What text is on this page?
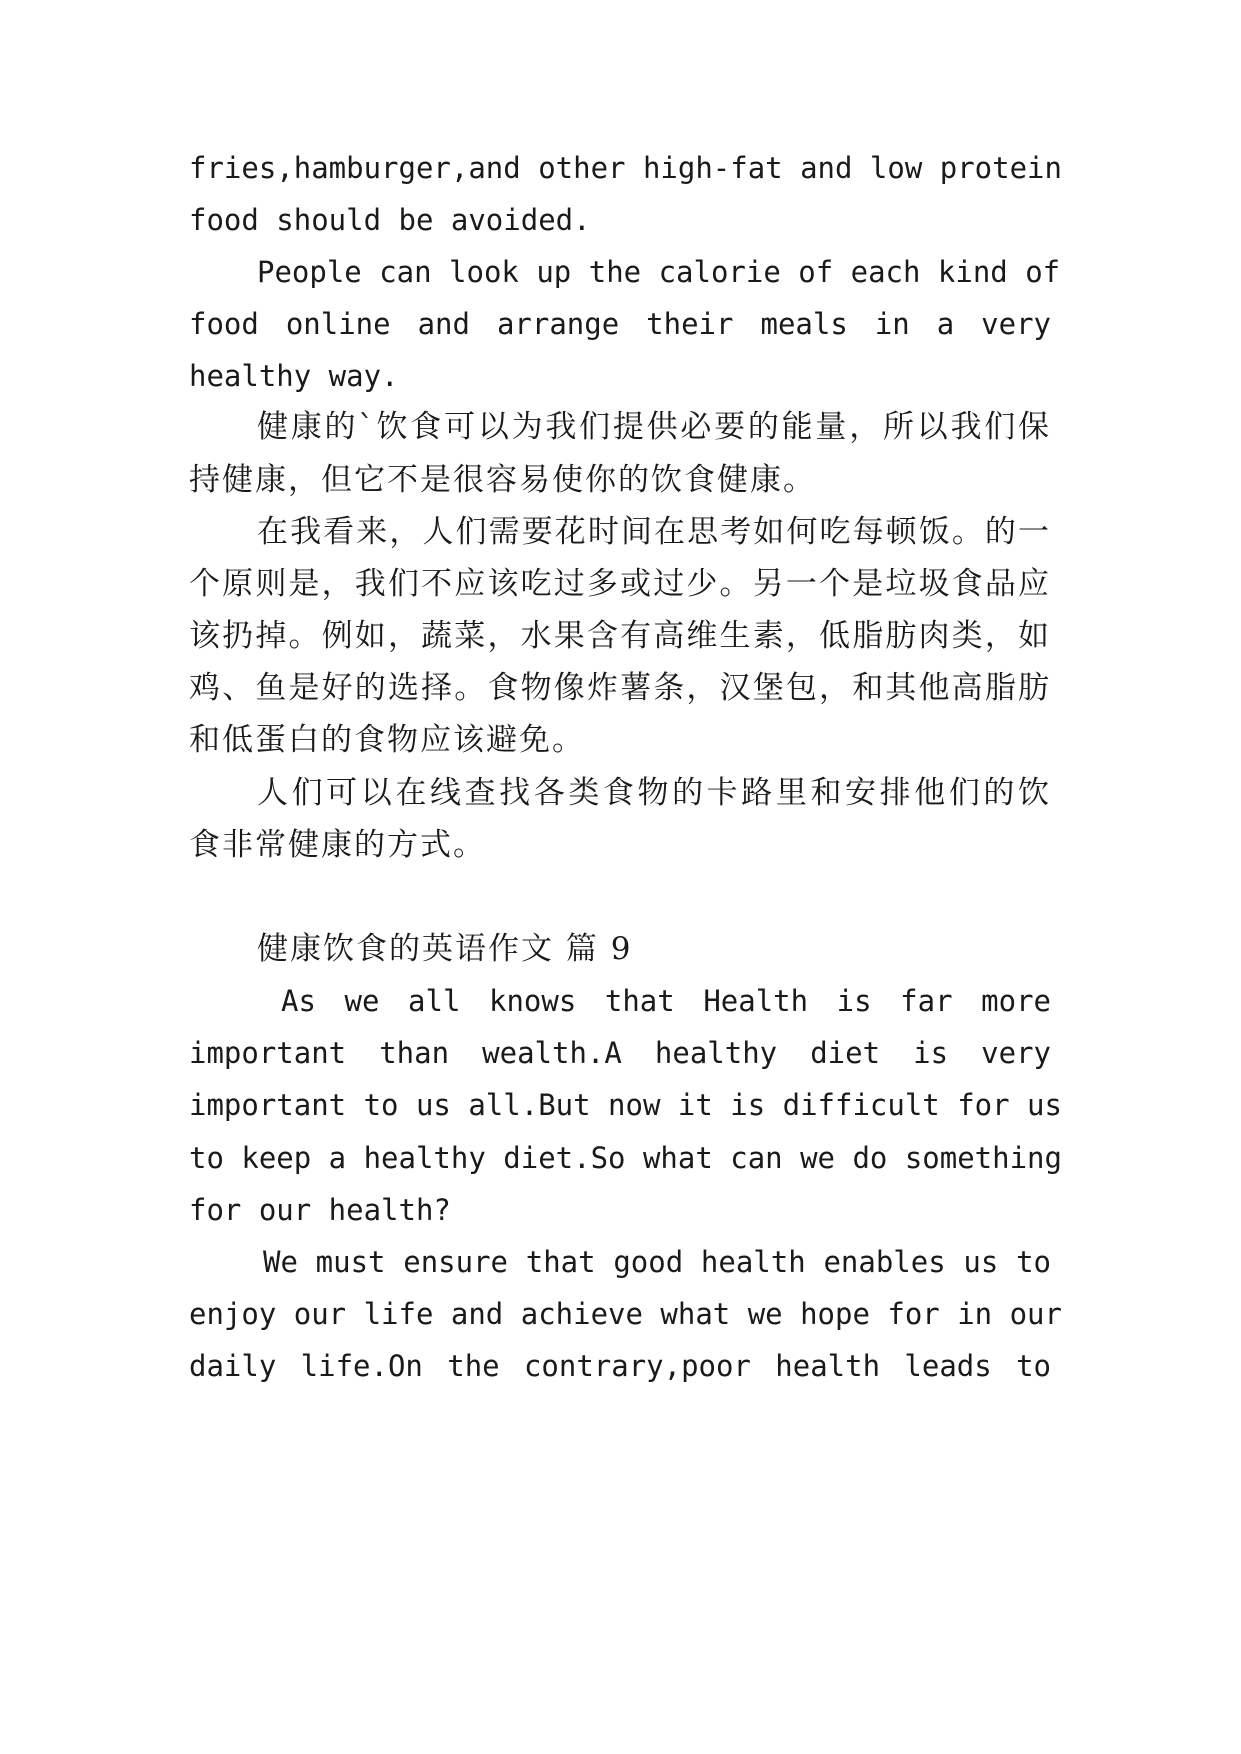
fries,hamburger,and other high-fat and low protein
food should be avoided.
People can look up the calorie of each kind of
food online and arrange their meals in a very
healthy way.
健康的`饮食可以为我们提供必要的能量，所以我们保
持健康，但它不是很容易使你的饮食健康。
在我看来，人们需要花时间在思考如何吃每顿饭。的一
个原则是，我们不应该吃过多或过少。另一个是垃圾食品应
该扔掉。例如，蔬菜，水果含有高维生素，低脂肪肉类，如
鸡、鱼是好的选择。食物像炸薯条，汉堡包，和其他高脂肪
和低蛋白的食物应该避免。
人们可以在线查找各类食物的卡路里和安排他们的饮
食非常健康的方式。
健康饮食的英语作文 篇 9
As we all knows that Health is far more
important than wealth.A healthy diet is very
important to us all.But now it is difficult for us
to keep a healthy diet.So what can we do something
for our health?
We must ensure that good health enables us to
enjoy our life and achieve what we hope for in our
daily life.On the contrary,poor health leads to
